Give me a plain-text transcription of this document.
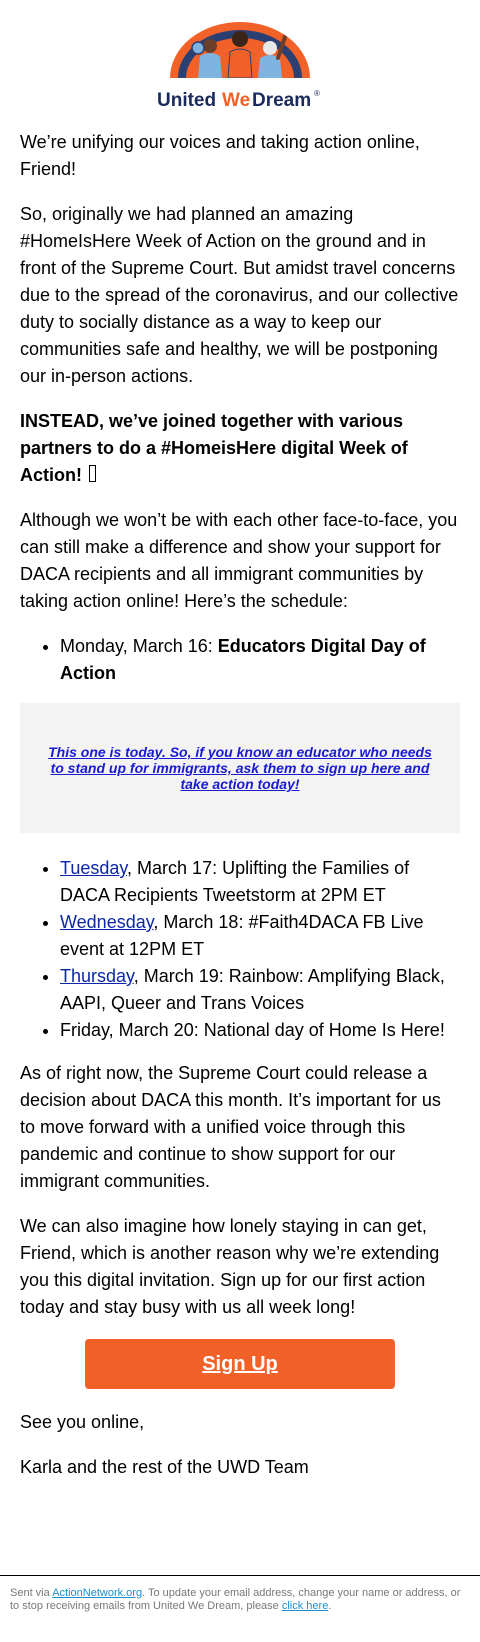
United We Dream ®

We’re unifying our voices and taking action online, Friend!

So, originally we had planned an amazing #HomeIsHere Week of Action on the ground and in front of the Supreme Court. But amidst travel concerns due to the spread of the coronavirus, and our collective duty to socially distance as a way to keep our communities safe and healthy, we will be postponing our in-person actions.

INSTEAD, we’ve joined together with various partners to do a #HomeisHere digital Week of Action!

Although we won’t be with each other face-to-face, you can still make a difference and show your support for DACA recipients and all immigrant communities by taking action online! Here’s the schedule:

• Monday, March 16: Educators Digital Day of Action
This one is today. So, if you know an educator who needs to stand up for immigrants, ask them to sign up here and take action today!
• Tuesday, March 17: Uplifting the Families of DACA Recipients Tweetstorm at 2PM ET
• Wednesday, March 18: #Faith4DACA FB Live event at 12PM ET
• Thursday, March 19: Rainbow: Amplifying Black, AAPI, Queer and Trans Voices
• Friday, March 20: National day of Home Is Here!

As of right now, the Supreme Court could release a decision about DACA this month. It’s important for us to move forward with a unified voice through this pandemic and continue to show support for our immigrant communities.

We can also imagine how lonely staying in can get, Friend, which is another reason why we’re extending you this digital invitation. Sign up for our first action today and stay busy with us all week long!

Sign Up

See you online,

Karla and the rest of the UWD Team

Sent via ActionNetwork.org. To update your email address, change your name or address, or to stop receiving emails from United We Dream, please click here.
